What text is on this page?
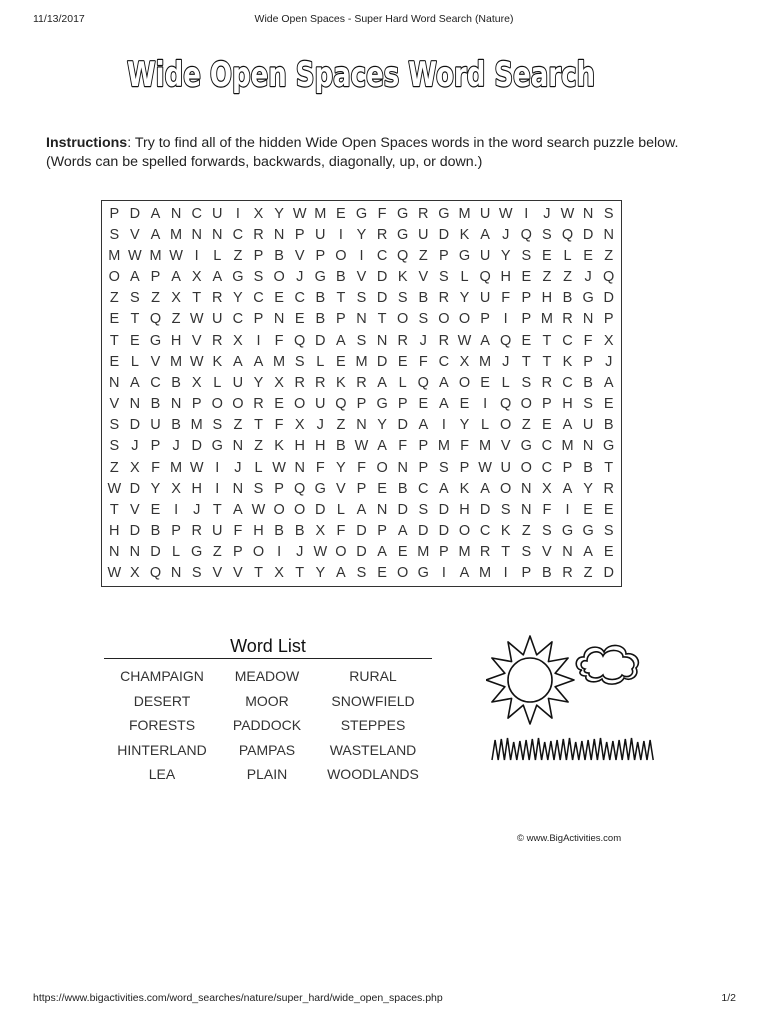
11/13/2017	Wide Open Spaces - Super Hard Word Search (Nature)
Wide Open Spaces Word Search

Instructions: Try to find all of the hidden Wide Open Spaces words in the word search puzzle below.

(Words can be spelled forwards, backwards, diagonally, up, or down.)

P D A N C U I X Y W M E G F G R G M U W I	J W N S
S V A M N N C R N P U I Y R G U D K A J Q S Q D N
M W M W I	L Z P B V P O I C Q Z P G U Y S E L E Z
O A P A X A G S O J G B V D K V S L Q H E Z Z J Q
Z S Z X T R Y C E C B T S D S B R Y U F P H B G D
E T Q Z W U C P N E B P N T O S O O P I P M R N P
T E G H V R X I F Q D A S N R J R W A Q E T C F X
E L V M W K A A M S L E M D E F C X M J T T K P J
N A C B X L U Y X R R K R A L Q A O E L S R C B A
V N B N P O O R E O U Q P G P E A E I Q O P H S E
S D U B M S Z T F X J Z N Y D A I Y L O Z E A U B
S J P J D G N Z K H H B W A F P M F M V G C M N G
Z X F M W I	J L W N F Y F O N P S P W U O C P B T
W D Y X H I N S P Q G V P E B C A K A O N X A Y R
T V E I	J T A W O O D L A N D S D H D S N F I E E
H D B P R U F H B B X F D P A D D O C K Z S G G S
N N D L G Z P O I	J W O D A E M P M R T S V N A E
W X Q N S V V T X T Y A S E O G I A M I P B R Z D
Word List
CHAMPAIGN	MEADOW	RURAL
DESERT	MOOR	SNOWFIELD
FORESTS	PADDOCK	STEPPES
HINTERLAND	PAMPAS	WASTELAND
LEA	PLAIN	WOODLANDS
© www.BigActivities.com
https://www.bigactivities.com/word_searches/nature/super_hard/wide_open_spaces.php	1/2
